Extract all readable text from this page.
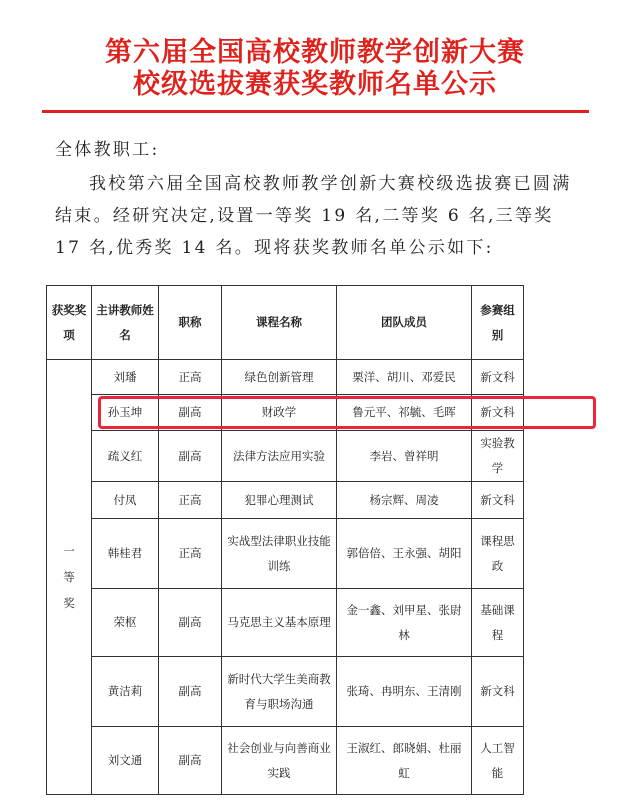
第六届全国高校教师教学创新大赛
校级选拔赛获奖教师名单公示
全体教职工:
我校第六届全国高校教师教学创新大赛校级选拔赛已圆满结束。经研究决定,设置一等奖 19 名,二等奖 6 名,三等奖 17 名,优秀奖 14 名。现将获奖教师名单公示如下:
获奖奖项	主讲教师姓名	职称	课程名称	团队成员	参赛组别
一等奖	刘璠	正高	绿色创新管理	栗洋、胡川、邓爱民	新文科
	孙玉坤	副高	财政学	鲁元平、祁毓、毛晖	新文科
	疏义红	副高	法律方法应用实验	李岩、曾祥明	实验教学
	付凤	正高	犯罪心理测试	杨宗辉、周凌	新文科
	韩桂君	正高	实战型法律职业技能训练	郭倍倍、王永强、胡阳	课程思政
	荣枢	副高	马克思主义基本原理	金一鑫、刘甲星、张尉林	基础课程
	黄洁莉	副高	新时代大学生美商教育与职场沟通	张琦、冉明东、王清刚	新文科
	刘文通	副高	社会创业与向善商业实践	王淑红、郎晓娟、杜丽虹	人工智能
